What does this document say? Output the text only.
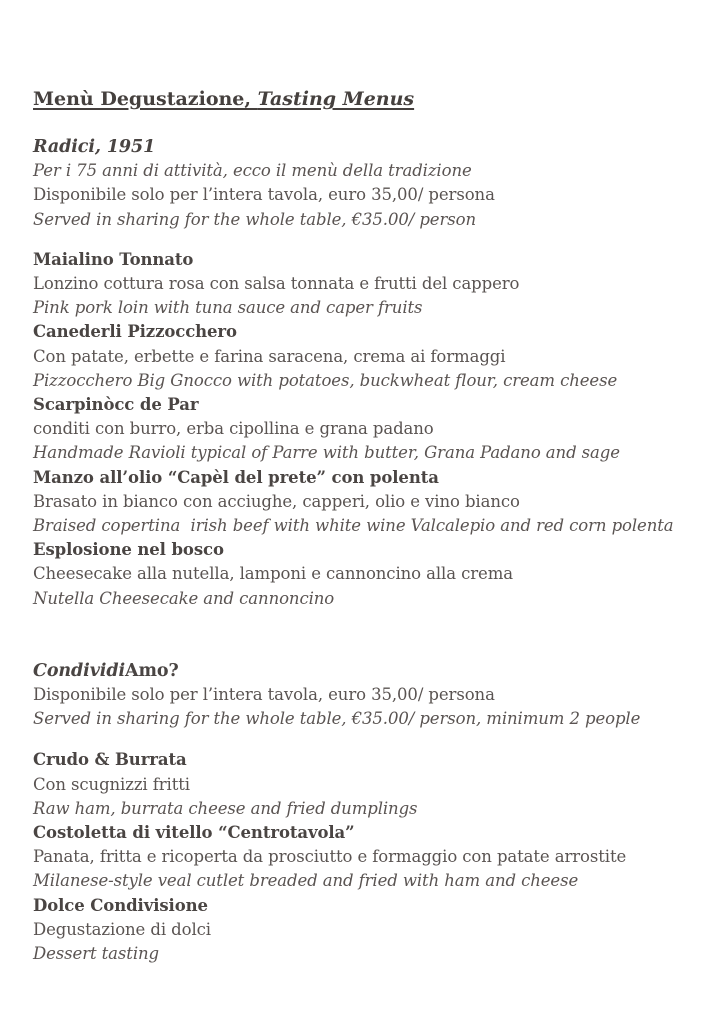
Menù Degustazione, Tasting Menus
Radici, 1951
Per i 75 anni di attività, ecco il menù della tradizione
Disponibile solo per l’intera tavola, euro 35,00/ persona
Served in sharing for the whole table, €35.00/ person
Maialino Tonnato
Lonzino cottura rosa con salsa tonnata e frutti del cappero
Pink pork loin with tuna sauce and caper fruits
Canederli Pizzocchero
Con patate, erbette e farina saracena, crema ai formaggi
Pizzocchero Big Gnocco with potatoes, buckwheat flour, cream cheese
Scarpinòcc de Par
conditi con burro, erba cipollina e grana padano
Handmade Ravioli typical of Parre with butter, Grana Padano and sage
Manzo all’olio “Capèl del prete” con polenta
Brasato in bianco con acciughe, capperi, olio e vino bianco
Braised copertina  irish beef with white wine Valcalepio and red corn polenta
Esplosione nel bosco
Cheesecake alla nutella, lamponi e cannoncino alla crema
Nutella Cheesecake and cannoncino
CondividiAmo?
Disponibile solo per l’intera tavola, euro 35,00/ persona
Served in sharing for the whole table, €35.00/ person, minimum 2 people
Crudo & Burrata
Con scugnizzi fritti
Raw ham, burrata cheese and fried dumplings
Costoletta di vitello “Centrotavola”
Panata, fritta e ricoperta da prosciutto e formaggio con patate arrostite
Milanese-style veal cutlet breaded and fried with ham and cheese
Dolce Condivisione
Degustazione di dolci
Dessert tasting
